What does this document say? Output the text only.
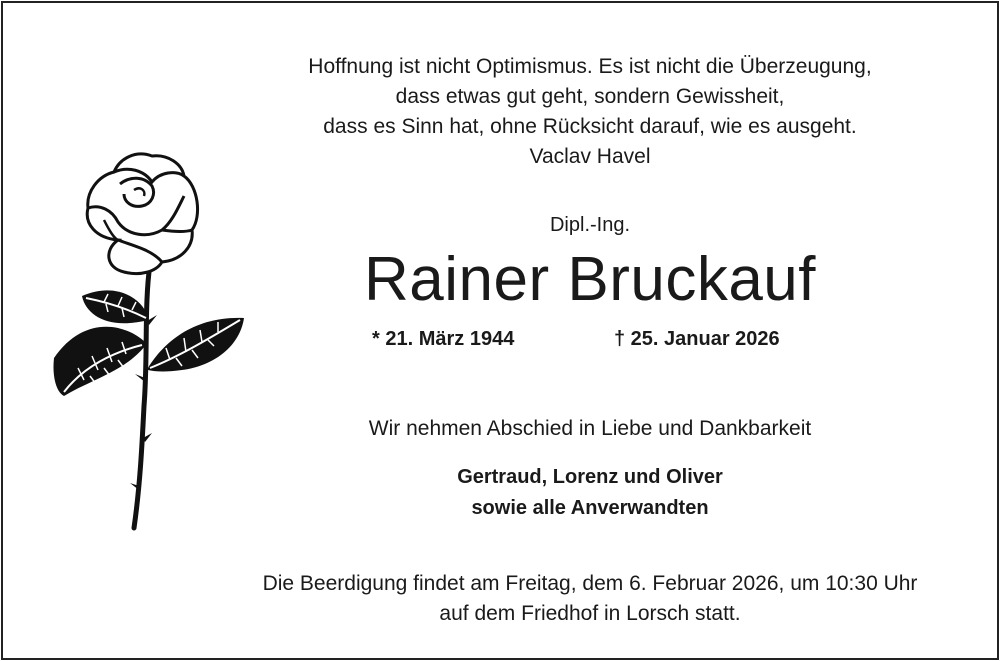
Hoffnung ist nicht Optimismus. Es ist nicht die Überzeugung,
dass etwas gut geht, sondern Gewissheit,
dass es Sinn hat, ohne Rücksicht darauf, wie es ausgeht.
Vaclav Havel
Dipl.-Ing.
Rainer Bruckauf
* 21. März 1944	† 25. Januar 2026
Wir nehmen Abschied in Liebe und Dankbarkeit
Gertraud, Lorenz und Oliver
sowie alle Anverwandten
Die Beerdigung findet am Freitag, dem 6. Februar 2026, um 10:30 Uhr
auf dem Friedhof in Lorsch statt.
